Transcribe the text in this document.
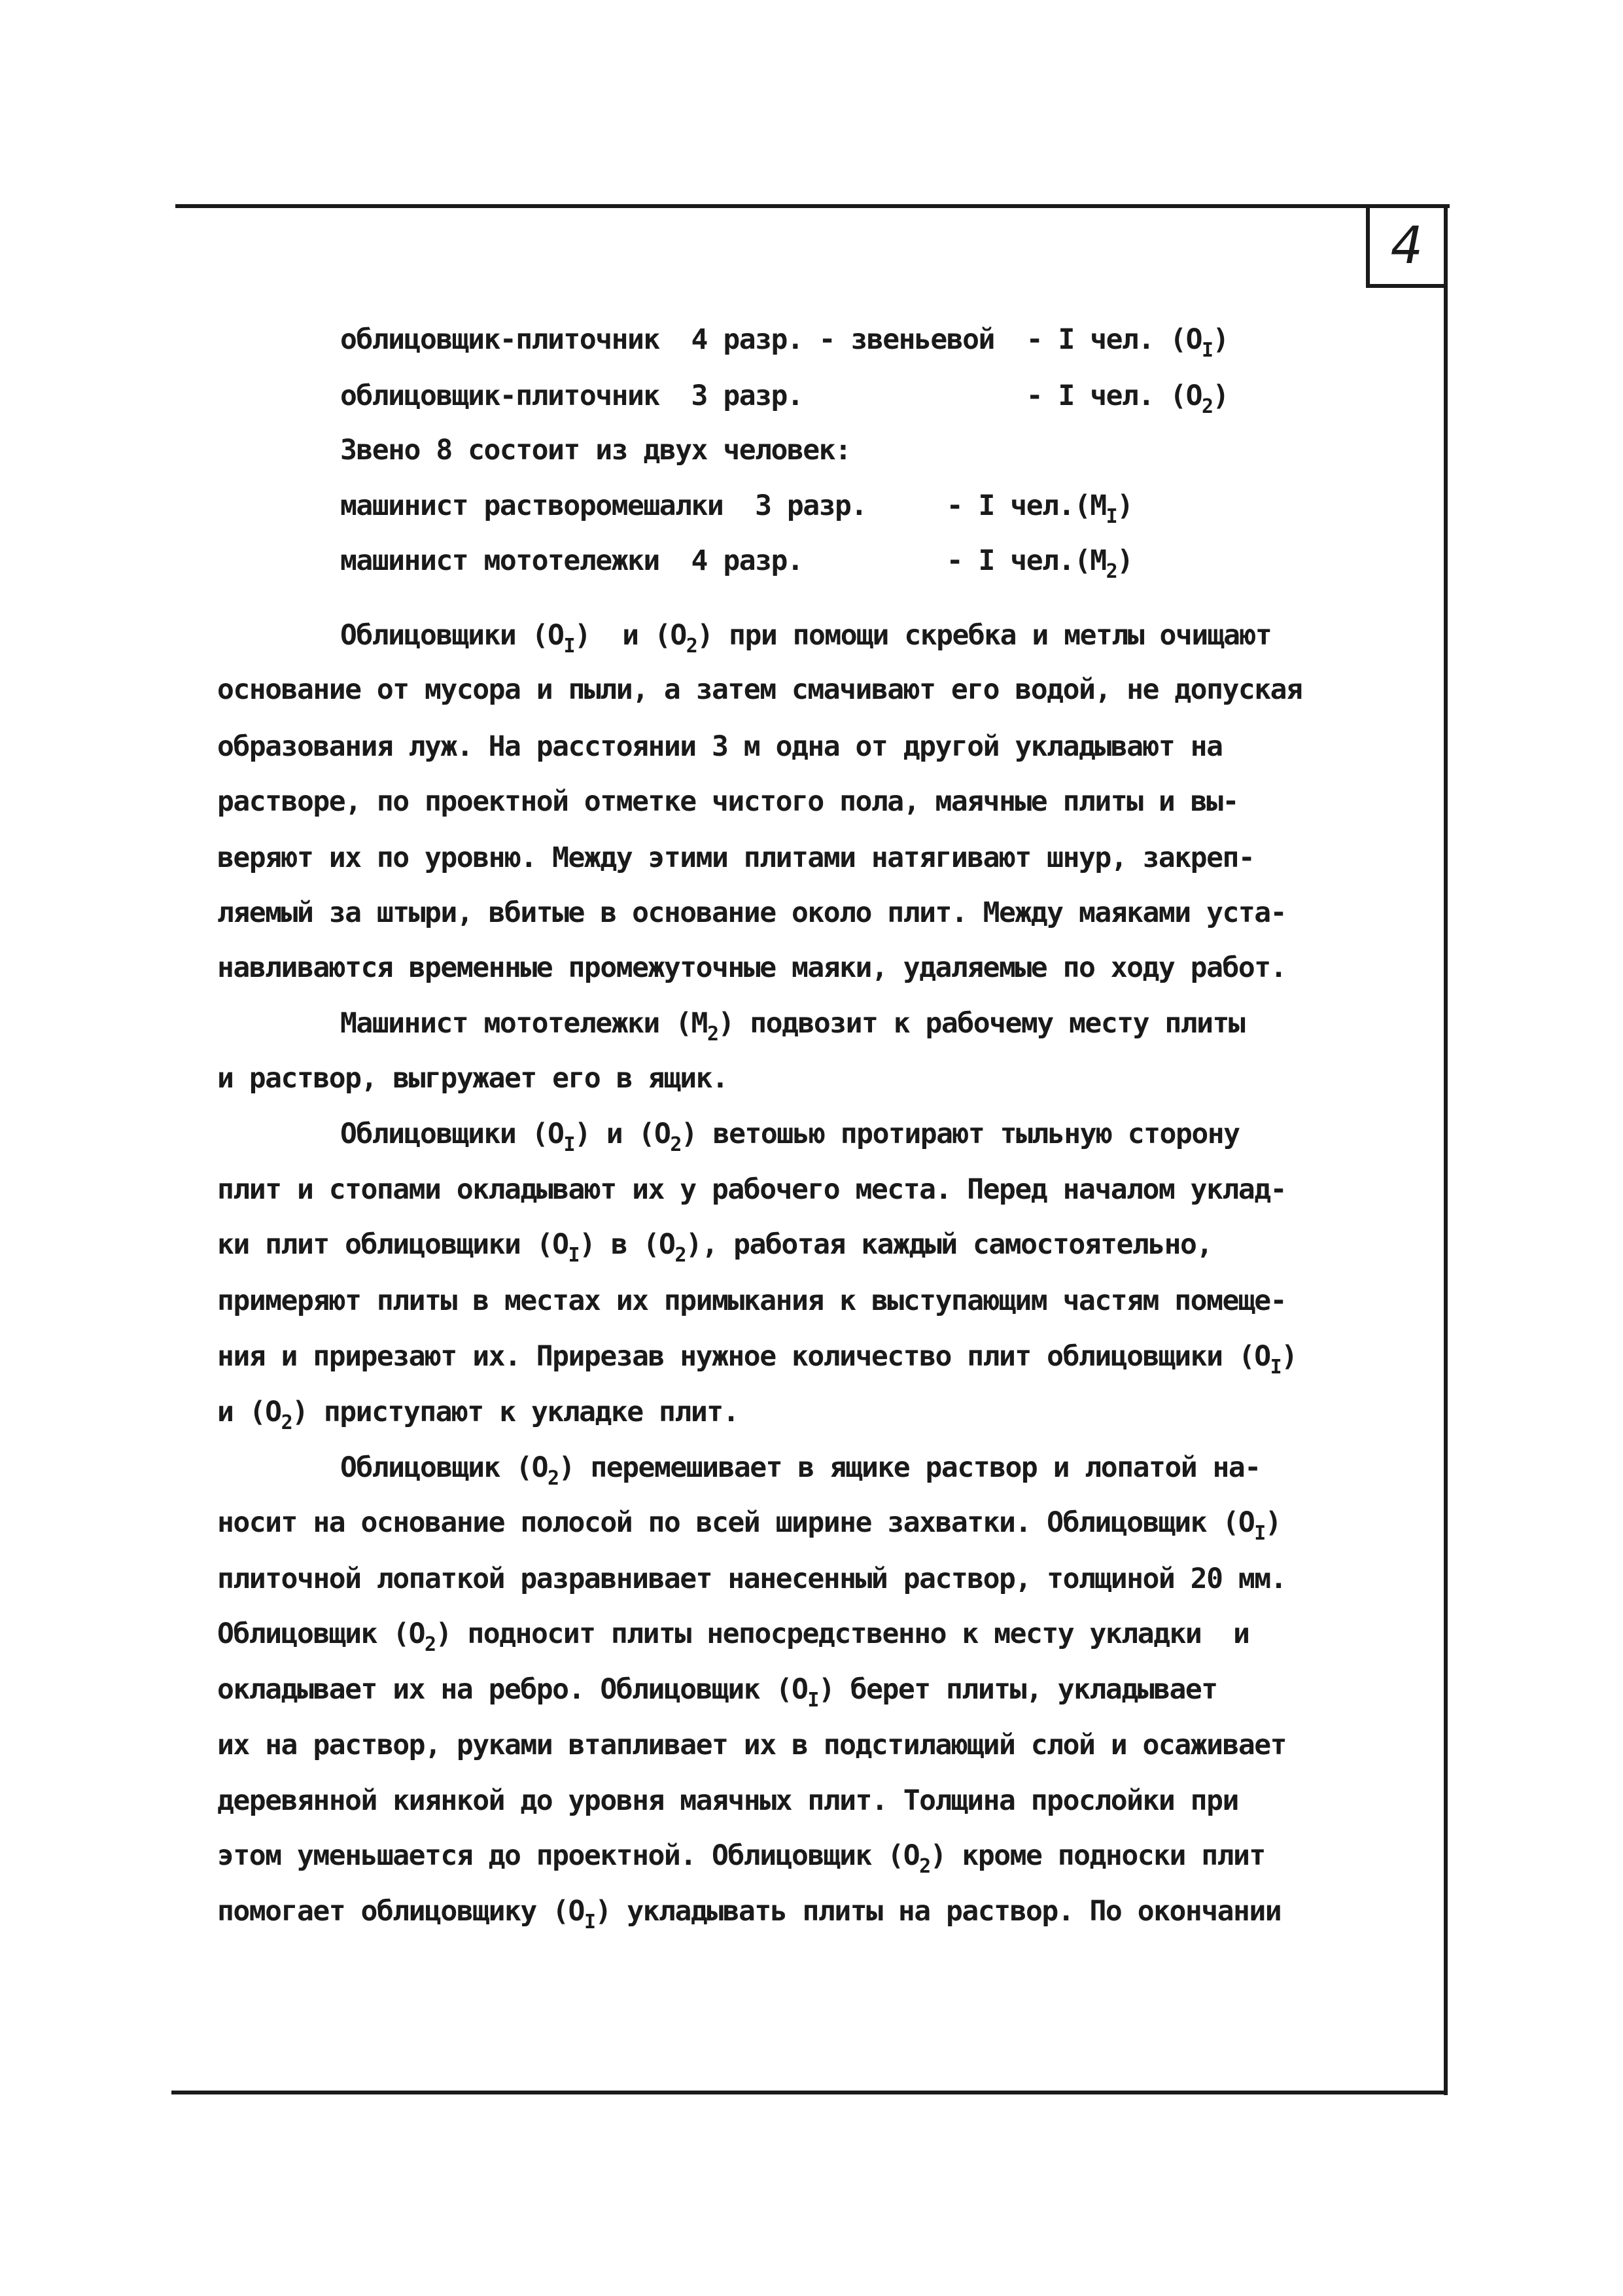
4
облицовщик-плиточник  4 разр. - звеньевой  - I чел. $(О_I)$
облицовщик-плиточник  3 разр.              - I чел. $(О_2)$
Звено 8 состоит из двух человек:
машинист растворомешалки  3 разр.     - I $чел.(М_I)$
машинист мототележки  4 разр.         - I $чел.(М_2)$
Облицовщики $(О_I)$  и $(О_2)$ при помощи скребка и метлы очищают
основание от мусора и пыли, а затем смачивают его водой, не допуская
образования луж. На расстоянии 3 м одна от другой укладывают на
растворе, по проектной отметке чистого пола, маячные плиты и вы-
веряют их по уровню. Между этими плитами натягивают шнур, закреп-
ляемый за штыри, вбитые в основание около плит. Между маяками уста-
навливаются временные промежуточные маяки, удаляемые по ходу работ.
Машинист мототележки $(М_2)$ подвозит к рабочему месту плиты
и раствор, выгружает его в ящик.
Облицовщики $(О_I)$ и $(О_2)$ ветошью протирают тыльную сторону
плит и стопами окладывают их у рабочего места. Перед началом уклад-
ки плит облицовщики $(О_I)$ в $(О_2)$, работая каждый самостоятельно,
примеряют плиты в местах их примыкания к выступающим частям помеще-
ния и прирезают их. Прирезав нужное количество плит облицовщики $(О_I)$
и $(О_2)$ приступают к укладке плит.
Облицовщик $(О_2)$ перемешивает в ящике раствор и лопатой на-
носит на основание полосой по всей ширине захватки. Облицовщик $(О_I)$
плиточной лопаткой разравнивает нанесенный раствор, толщиной 20 мм.
Облицовщик $(О_2)$ подносит плиты непосредственно к месту укладки  и
окладывает их на ребро. Облицовщик $(О_I)$ берет плиты, укладывает
их на раствор, руками втапливает их в подстилающий слой и осаживает
деревянной киянкой до уровня маячных плит. Толщина прослойки при
этом уменьшается до проектной. Облицовщик $(О_2)$ кроме подноски плит
помогает облицовщику $(О_I)$ укладывать плиты на раствор. По окончании
